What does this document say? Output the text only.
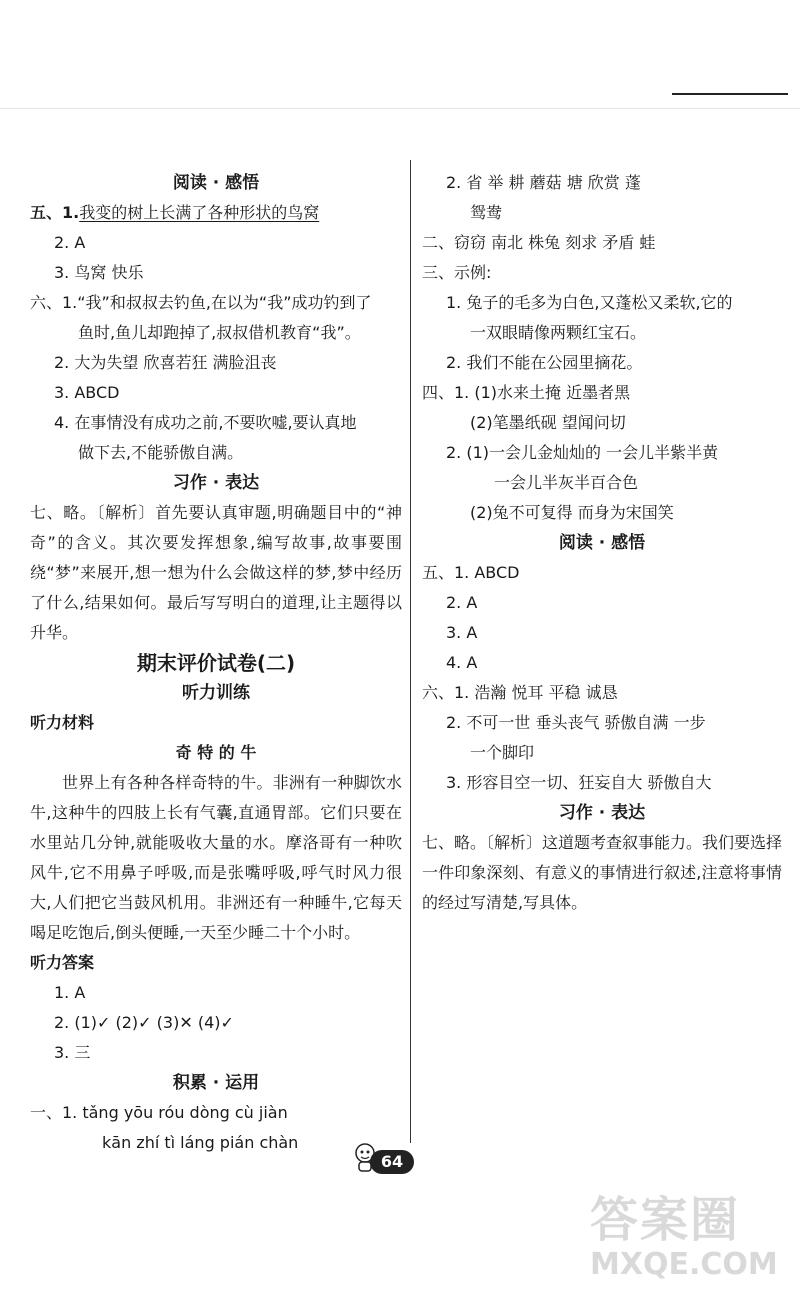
阅读 · 感悟
五、1.我变的树上长满了各种形状的鸟窝
2. A
3. 鸟窝 快乐
六、1.“我”和叔叔去钓鱼,在以为“我”成功钓到了
鱼时,鱼儿却跑掉了,叔叔借机教育“我”。
2. 大为失望 欣喜若狂 满脸沮丧
3. ABCD
4. 在事情没有成功之前,不要吹嘘,要认真地
做下去,不能骄傲自满。
习作 · 表达
七、略。〔解析〕首先要认真审题,明确题目中的“神奇”的含义。其次要发挥想象,编写故事,故事要围绕“梦”来展开,想一想为什么会做这样的梦,梦中经历了什么,结果如何。最后写写明白的道理,让主题得以升华。
期末评价试卷(二)
听力训练
听力材料
奇 特 的 牛
世界上有各种各样奇特的牛。非洲有一种脚饮水牛,这种牛的四肢上长有气囊,直通胃部。它们只要在水里站几分钟,就能吸收大量的水。摩洛哥有一种吹风牛,它不用鼻子呼吸,而是张嘴呼吸,呼气时风力很大,人们把它当鼓风机用。非洲还有一种睡牛,它每天喝足吃饱后,倒头便睡,一天至少睡二十个小时。
听力答案
1. A
2. (1)✓ (2)✓ (3)✕ (4)✓
3. 三
积累 · 运用
一、1. tǎng yōu róu dòng cù jiàn
kān zhí tì láng pián chàn
2. 省 举 耕 蘑菇 塘 欣赏 蓬
鸳鸯
二、窃窃 南北 株兔 刻求 矛盾 蛙
三、示例:
1. 兔子的毛多为白色,又蓬松又柔软,它的
一双眼睛像两颗红宝石。
2. 我们不能在公园里摘花。
四、1. (1)水来土掩 近墨者黑
(2)笔墨纸砚 望闻问切
2. (1)一会儿金灿灿的 一会儿半紫半黄
一会儿半灰半百合色
(2)兔不可复得 而身为宋国笑
阅读 · 感悟
五、1. ABCD
2. A
3. A
4. A
六、1. 浩瀚 悦耳 平稳 诚恳
2. 不可一世 垂头丧气 骄傲自满 一步
一个脚印
3. 形容目空一切、狂妄自大 骄傲自大
习作 · 表达
七、略。〔解析〕这道题考查叙事能力。我们要选择一件印象深刻、有意义的事情进行叙述,注意将事情的经过写清楚,写具体。
64
答案圈
MXQE.COM
